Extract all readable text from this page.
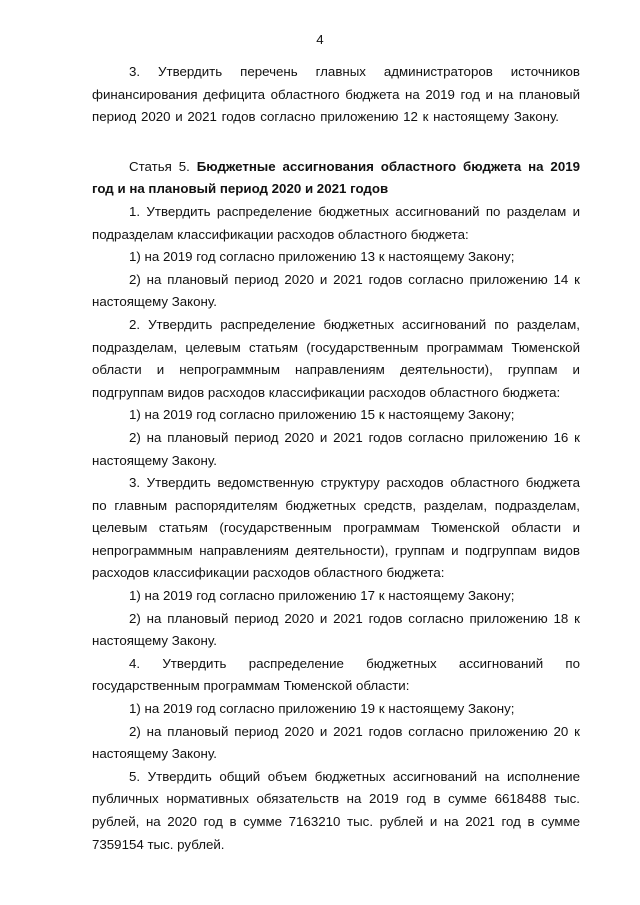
4

3. Утвердить перечень главных администраторов источников финансирования дефицита областного бюджета на 2019 год и на плановый период 2020 и 2021 годов согласно приложению 12 к настоящему Закону.

Статья 5. Бюджетные ассигнования областного бюджета на 2019 год и на плановый период 2020 и 2021 годов

1. Утвердить распределение бюджетных ассигнований по разделам и подразделам классификации расходов областного бюджета:

1) на 2019 год согласно приложению 13 к настоящему Закону;

2) на плановый период 2020 и 2021 годов согласно приложению 14 к настоящему Закону.

2. Утвердить распределение бюджетных ассигнований по разделам, подразделам, целевым статьям (государственным программам Тюменской области и непрограммным направлениям деятельности), группам и подгруппам видов расходов классификации расходов областного бюджета:

1) на 2019 год согласно приложению 15 к настоящему Закону;

2) на плановый период 2020 и 2021 годов согласно приложению 16 к настоящему Закону.

3. Утвердить ведомственную структуру расходов областного бюджета по главным распорядителям бюджетных средств, разделам, подразделам, целевым статьям (государственным программам Тюменской области и непрограммным направлениям деятельности), группам и подгруппам видов расходов классификации расходов областного бюджета:

1) на 2019 год согласно приложению 17 к настоящему Закону;

2) на плановый период 2020 и 2021 годов согласно приложению 18 к настоящему Закону.

4. Утвердить распределение бюджетных ассигнований по государственным программам Тюменской области:

1) на 2019 год согласно приложению 19 к настоящему Закону;

2) на плановый период 2020 и 2021 годов согласно приложению 20 к настоящему Закону.

5. Утвердить общий объем бюджетных ассигнований на исполнение публичных нормативных обязательств на 2019 год в сумме 6618488 тыс. рублей, на 2020 год в сумме 7163210 тыс. рублей и на 2021 год в сумме 7359154 тыс. рублей.
